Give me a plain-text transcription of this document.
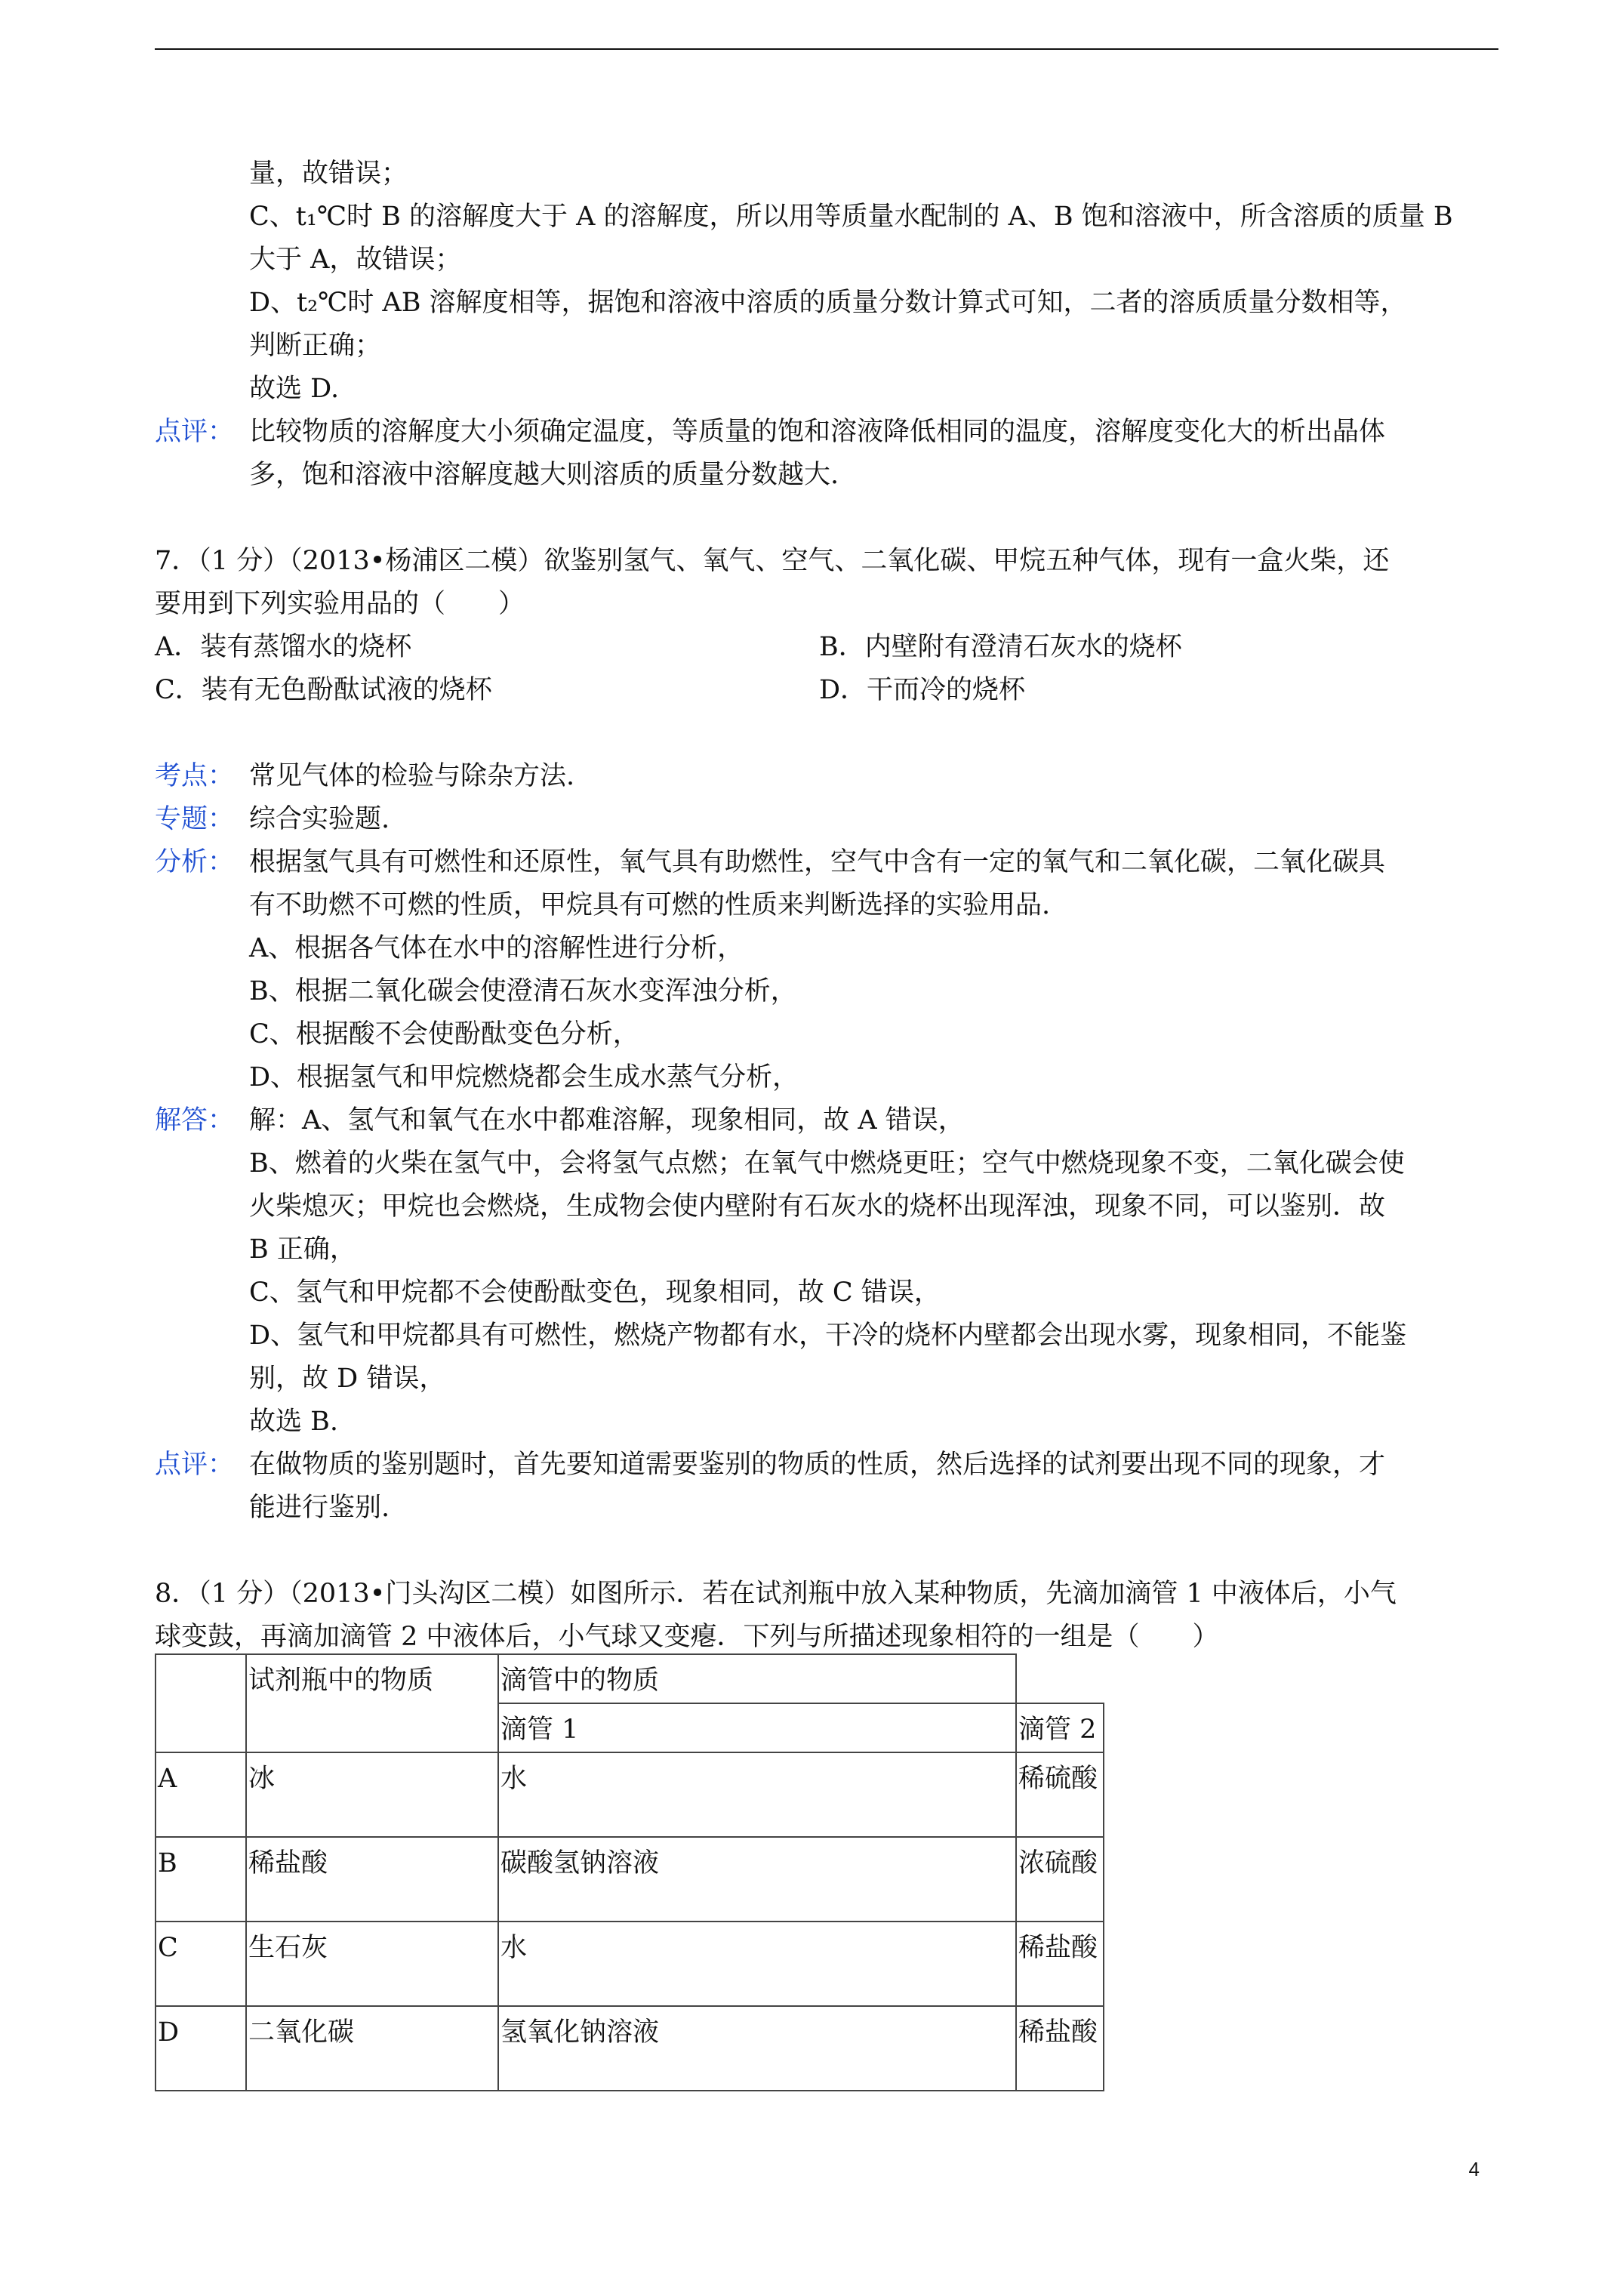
量，故错误；
C、t₁℃时 B 的溶解度大于 A 的溶解度，所以用等质量水配制的 A、B 饱和溶液中，所含溶质的质量 B
大于 A，故错误；
D、t₂℃时 AB 溶解度相等，据饱和溶液中溶质的质量分数计算式可知，二者的溶质质量分数相等，
判断正确；
故选 D.
点评： 比较物质的溶解度大小须确定温度，等质量的饱和溶液降低相同的温度，溶解度变化大的析出晶体
多，饱和溶液中溶解度越大则溶质的质量分数越大.
7．（1 分）（2013•杨浦区二模）欲鉴别氢气、氧气、空气、二氧化碳、甲烷五种气体，现有一盒火柴，还
要用到下列实验用品的（　　）
A．装有蒸馏水的烧杯	B．内壁附有澄清石灰水的烧杯
C．装有无色酚酞试液的烧杯	D．干而冷的烧杯
考点： 常见气体的检验与除杂方法.
专题： 综合实验题.
分析： 根据氢气具有可燃性和还原性，氧气具有助燃性，空气中含有一定的氧气和二氧化碳，二氧化碳具
有不助燃不可燃的性质，甲烷具有可燃的性质来判断选择的实验用品.
A、根据各气体在水中的溶解性进行分析，
B、根据二氧化碳会使澄清石灰水变浑浊分析，
C、根据酸不会使酚酞变色分析，
D、根据氢气和甲烷燃烧都会生成水蒸气分析，
解答： 解：A、氢气和氧气在水中都难溶解，现象相同，故 A 错误，
B、燃着的火柴在氢气中，会将氢气点燃；在氧气中燃烧更旺；空气中燃烧现象不变，二氧化碳会使
火柴熄灭；甲烷也会燃烧，生成物会使内壁附有石灰水的烧杯出现浑浊，现象不同，可以鉴别．故
B 正确，
C、氢气和甲烷都不会使酚酞变色，现象相同，故 C 错误，
D、氢气和甲烷都具有可燃性，燃烧产物都有水，干冷的烧杯内壁都会出现水雾，现象相同，不能鉴
别，故 D 错误，
故选 B.
点评： 在做物质的鉴别题时，首先要知道需要鉴别的物质的性质，然后选择的试剂要出现不同的现象，才
能进行鉴别.
8．（1 分）（2013•门头沟区二模）如图所示．若在试剂瓶中放入某种物质，先滴加滴管 1 中液体后，小气
球变鼓，再滴加滴管 2 中液体后，小气球又变瘪．下列与所描述现象相符的一组是（　　）
	试剂瓶中的物质	滴管中的物质	
		滴管 1	滴管 2
A	冰	水	稀硫酸

B	稀盐酸	碳酸氢钠溶液	浓硫酸

C	生石灰	水	稀盐酸

D	二氧化碳	氢氧化钠溶液	稀盐酸
4
